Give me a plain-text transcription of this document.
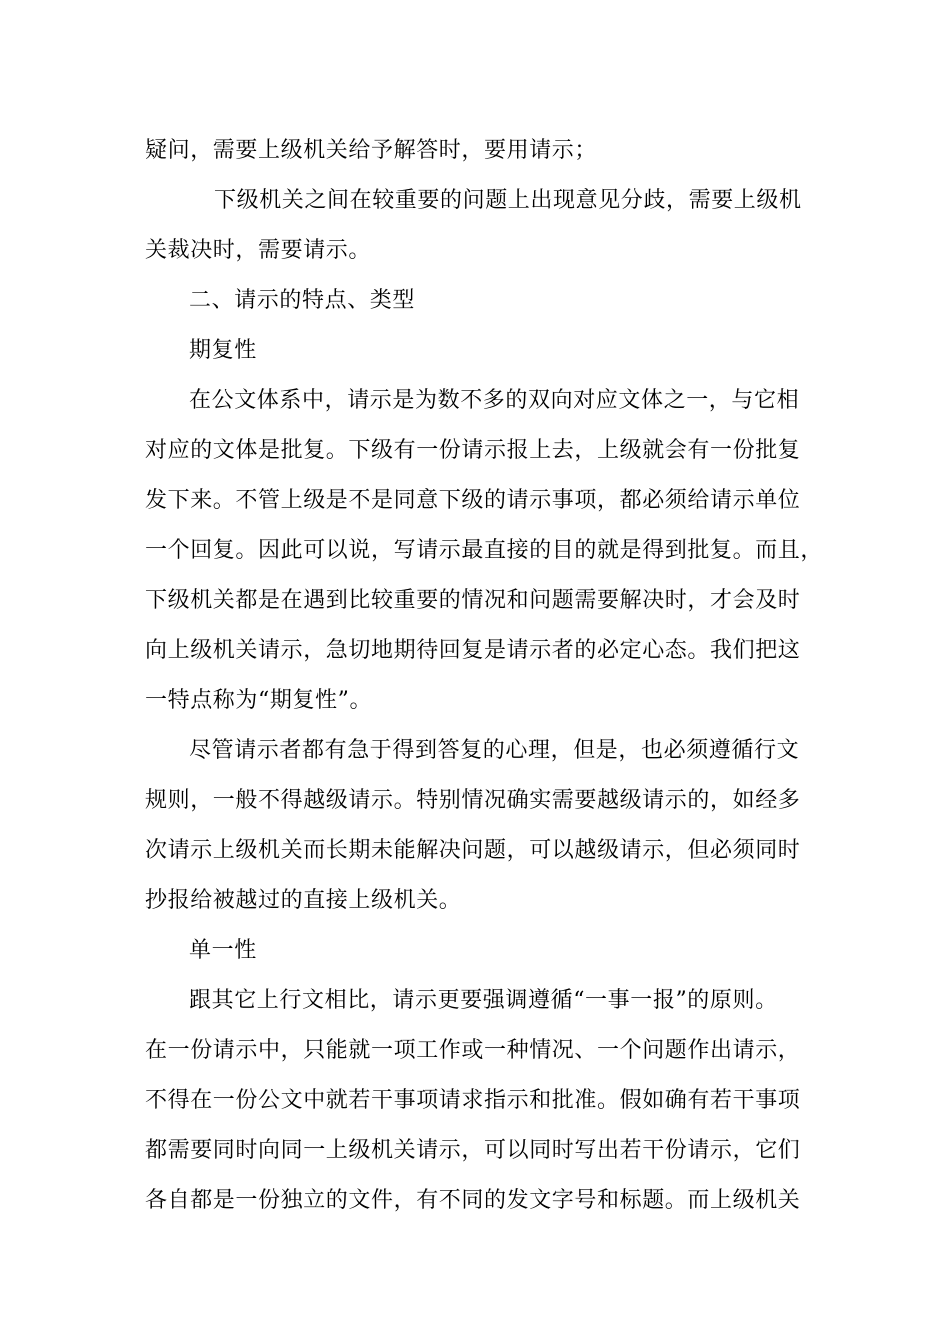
疑问，需要上级机关给予解答时，要用请示；
下级机关之间在较重要的问题上出现意见分歧，需要上级机
关裁决时，需要请示。
二、请示的特点、类型
期复性
在公文体系中，请示是为数不多的双向对应文体之一，与它相
对应的文体是批复。下级有一份请示报上去，上级就会有一份批复
发下来。不管上级是不是同意下级的请示事项，都必须给请示单位
一个回复。因此可以说，写请示最直接的目的就是得到批复。而且，
下级机关都是在遇到比较重要的情况和问题需要解决时，才会及时
向上级机关请示，急切地期待回复是请示者的必定心态。我们把这
一特点称为“期复性”。
尽管请示者都有急于得到答复的心理，但是，也必须遵循行文
规则，一般不得越级请示。特别情况确实需要越级请示的，如经多
次请示上级机关而长期未能解决问题，可以越级请示，但必须同时
抄报给被越过的直接上级机关。
单一性
跟其它上行文相比，请示更要强调遵循“一事一报”的原则。
在一份请示中，只能就一项工作或一种情况、一个问题作出请示，
不得在一份公文中就若干事项请求指示和批准。假如确有若干事项
都需要同时向同一上级机关请示，可以同时写出若干份请示，它们
各自都是一份独立的文件，有不同的发文字号和标题。而上级机关
